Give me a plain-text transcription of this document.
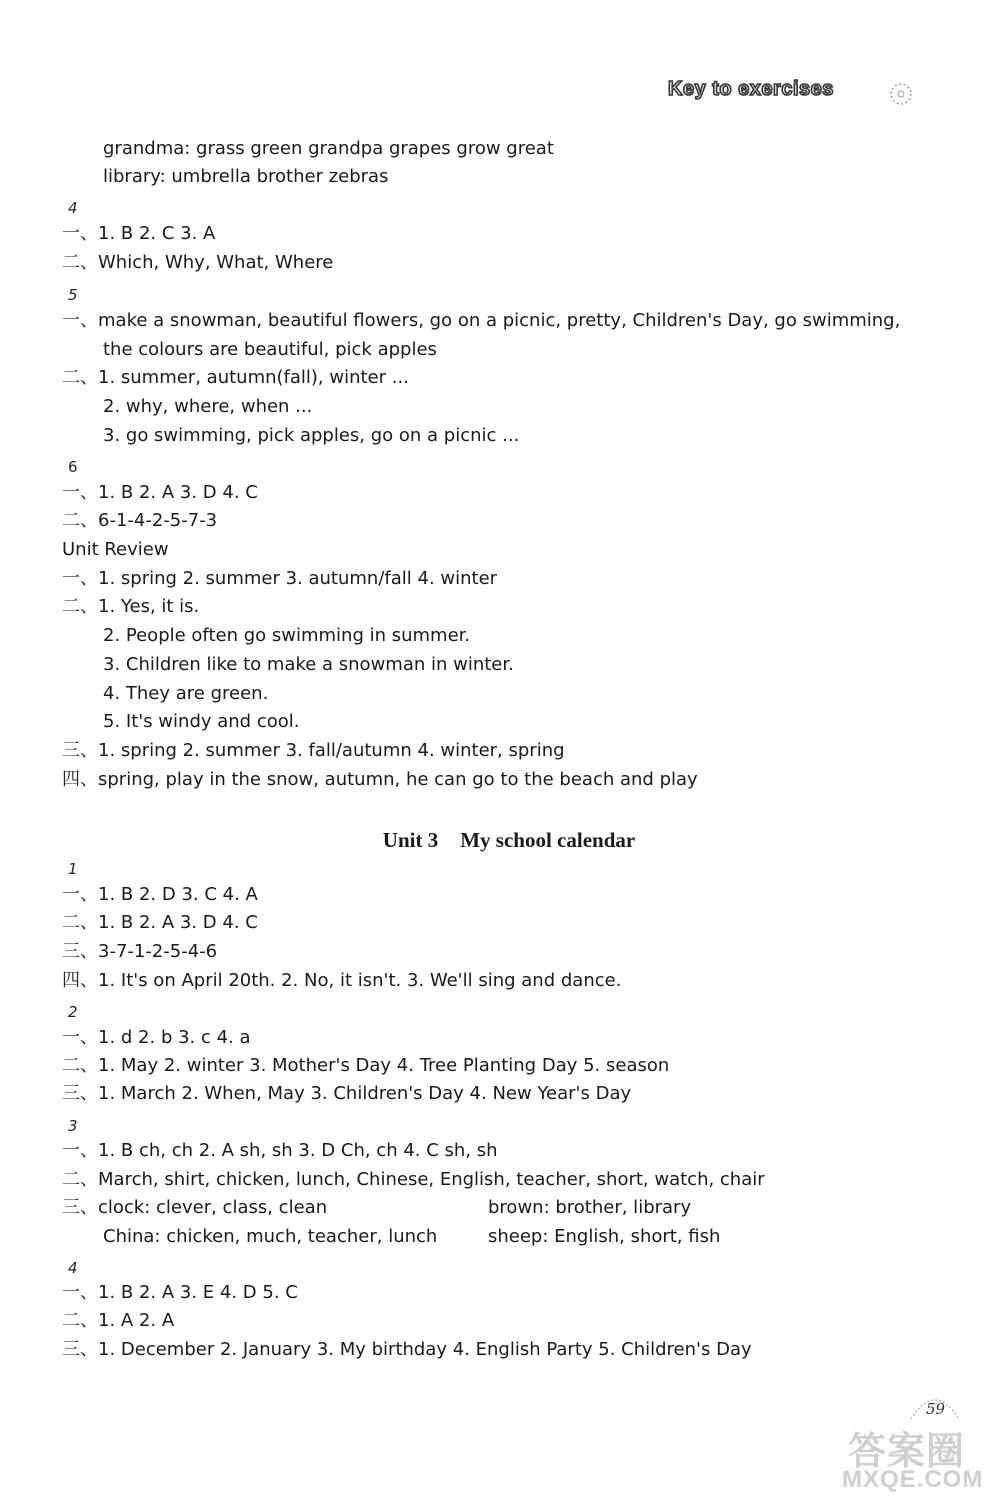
Key to exercises
grandma: grass green grandpa grapes grow great
library: umbrella brother zebras
4
一、1. B 2. C 3. A
二、Which, Why, What, Where
5
一、make a snowman, beautiful flowers, go on a picnic, pretty, Children's Day, go swimming,
the colours are beautiful, pick apples
二、1. summer, autumn(fall), winter ...
2. why, where, when ...
3. go swimming, pick apples, go on a picnic ...
6
一、1. B 2. A 3. D 4. C
二、6-1-4-2-5-7-3
Unit Review
一、1. spring 2. summer 3. autumn/fall 4. winter
二、1. Yes, it is.
2. People often go swimming in summer.
3. Children like to make a snowman in winter.
4. They are green.
5. It's windy and cool.
三、1. spring 2. summer 3. fall/autumn 4. winter, spring
四、spring, play in the snow, autumn, he can go to the beach and play
Unit 3 My school calendar
1
一、1. B 2. D 3. C 4. A
二、1. B 2. A 3. D 4. C
三、3-7-1-2-5-4-6
四、1. It's on April 20th. 2. No, it isn't. 3. We'll sing and dance.
2
一、1. d 2. b 3. c 4. a
二、1. May 2. winter 3. Mother's Day 4. Tree Planting Day 5. season
三、1. March 2. When, May 3. Children's Day 4. New Year's Day
3
一、1. B ch, ch 2. A sh, sh 3. D Ch, ch 4. C sh, sh
二、March, shirt, chicken, lunch, Chinese, English, teacher, short, watch, chair
三、clock: clever, class, clean	brown: brother, library
China: chicken, much, teacher, lunch	sheep: English, short, fish
4
一、1. B 2. A 3. E 4. D 5. C
二、1. A 2. A
三、1. December 2. January 3. My birthday 4. English Party 5. Children's Day
59
答案圈
MXQE.COM
